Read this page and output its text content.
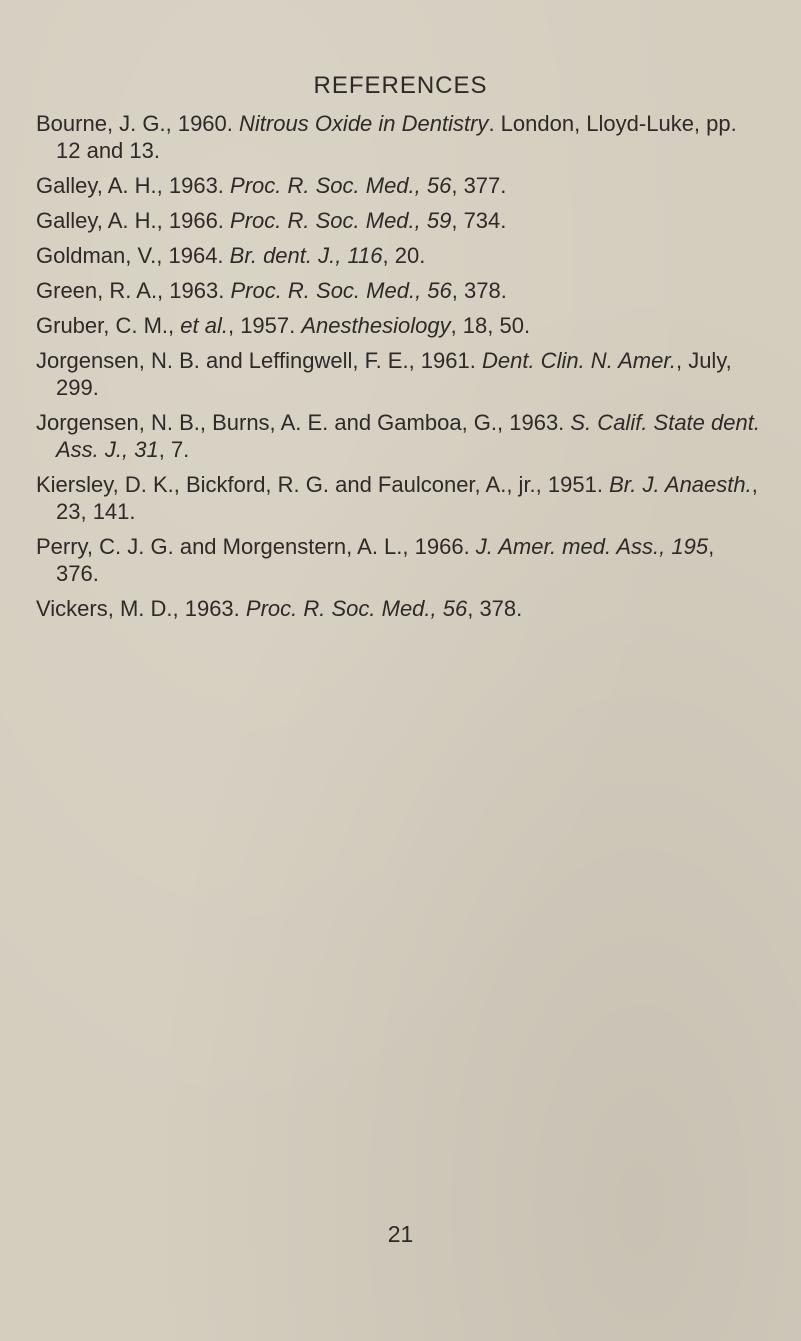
REFERENCES
Bourne, J. G., 1960. Nitrous Oxide in Dentistry. London, Lloyd-Luke, pp. 12 and 13.
Galley, A. H., 1963. Proc. R. Soc. Med., 56, 377.
Galley, A. H., 1966. Proc. R. Soc. Med., 59, 734.
Goldman, V., 1964. Br. dent. J., 116, 20.
Green, R. A., 1963. Proc. R. Soc. Med., 56, 378.
Gruber, C. M., et al., 1957. Anesthesiology, 18, 50.
Jorgensen, N. B. and Leffingwell, F. E., 1961. Dent. Clin. N. Amer., July, 299.
Jorgensen, N. B., Burns, A. E. and Gamboa, G., 1963. S. Calif. State dent. Ass. J., 31, 7.
Kiersley, D. K., Bickford, R. G. and Faulconer, A., jr., 1951. Br. J. Anaesth., 23, 141.
Perry, C. J. G. and Morgenstern, A. L., 1966. J. Amer. med. Ass., 195, 376.
Vickers, M. D., 1963. Proc. R. Soc. Med., 56, 378.
21
